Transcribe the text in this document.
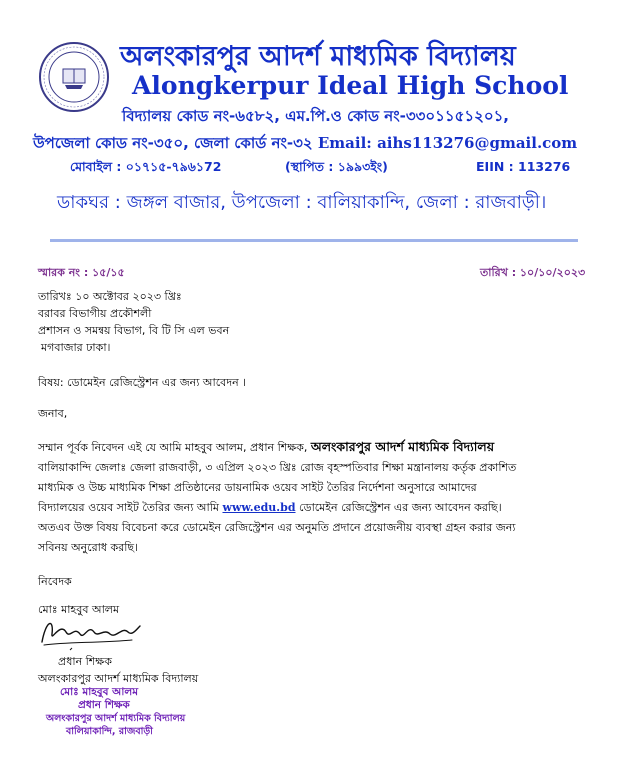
অলংকারপুর আদর্শ মাধ্যমিক বিদ্যালয়
Alongkerpur Ideal High School
বিদ্যালয় কোড নং-৬৫৮২, এম.পি.ও কোড নং-৩৩০১১৫১২০১,
উপজেলা কোড নং-৩৫০, জেলা কোর্ড নং-৩২ Email: aihs113276@gmail.com
মোবাইল : ০১৭১৫-৭৯৬১72	(স্থাপিত : ১৯৯৩ইং)	EIIN : 113276
ডাকঘর : জঙ্গল বাজার, উপজেলা : বালিয়াকান্দি, জেলা : রাজবাড়ী।
স্মারক নং : ১৫/১৫	তারিখ : ১০/১০/২০২৩
তারিখঃ ১০ অক্টোবর ২০২৩ খ্রিঃ
বরাবর বিভাগীয় প্রকৌশলী
প্রশাসন ও সমন্বয় বিভাগ, বি টি সি এল ভবন
মগবাজার ঢাকা।
বিষয়: ডোমেইন রেজিস্ট্রেশন এর জন্য আবেদন ।
জনাব,
সম্মান পূর্বক নিবেদন এই যে আমি মাহবুব আলম, প্রধান শিক্ষক, অলংকারপুর আদর্শ মাধ্যমিক বিদ্যালয়
বালিয়াকান্দি জেলাঃ জেলা রাজবাড়ী, ৩ এপ্রিল ২০২৩ খ্রিঃ রোজ বৃহস্পতিবার শিক্ষা মন্ত্রানালয় কর্তৃক প্রকাশিত
মাধ্যমিক ও উচ্চ মাধ্যমিক শিক্ষা প্রতিষ্ঠানের ডায়নামিক ওয়েব সাইট তৈরির নির্দেশনা অনুসারে আমাদের
বিদ্যালয়ের ওয়েব সাইট তৈরির জন্য আমি www.edu.bd ডোমেইন রেজিস্ট্রেশন এর জন্য আবেদন করছি।
অতএব উক্ত বিষয় বিবেচনা করে ডোমেইন রেজিস্ট্রেশন এর অনুমতি প্রদানে প্রয়োজনীয় ব্যবস্থা গ্রহন করার জন্য
সবিনয় অনুরোধ করছি।
নিবেদক
মোঃ মাহবুব আলম
প্রধান শিক্ষক
অলংকারপুর আদর্শ মাধ্যমিক বিদ্যালয়
মোঃ মাহবুব আলম
প্রধান শিক্ষক
অলংকারপুর আদর্শ মাধ্যমিক বিদ্যালয়
বালিয়াকান্দি, রাজবাড়ী
